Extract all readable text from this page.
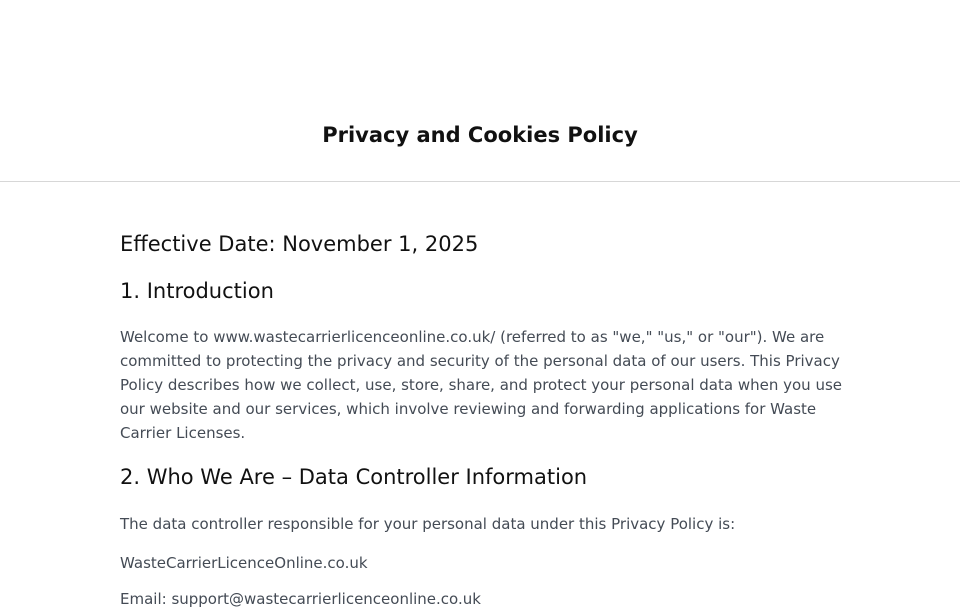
Privacy and Cookies Policy
Effective Date: November 1, 2025
1. Introduction

Welcome to www.wastecarrierlicenceonline.co.uk/ (referred to as "we," "us," or "our"). We are committed to protecting the privacy and security of the personal data of our users. This Privacy Policy describes how we collect, use, store, share, and protect your personal data when you use our website and our services, which involve reviewing and forwarding applications for Waste Carrier Licenses.

2. Who We Are – Data Controller Information

The data controller responsible for your personal data under this Privacy Policy is:

WasteCarrierLicenceOnline.co.uk

Email: support@wastecarrierlicenceonline.co.uk
